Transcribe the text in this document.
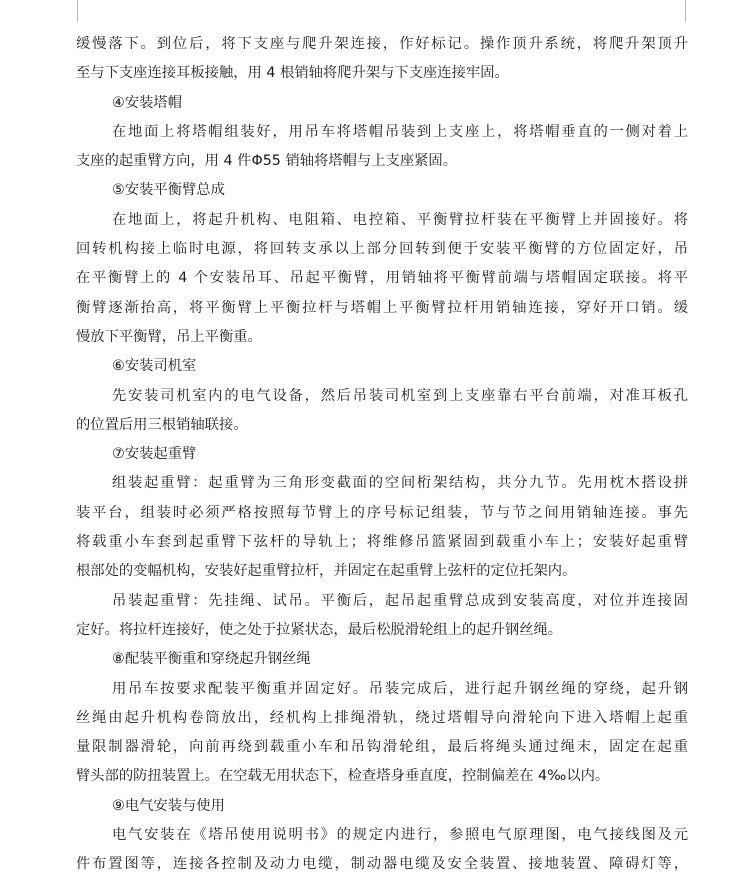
缓慢落下。到位后，将下支座与爬升架连接，作好标记。操作顶升系统，将爬升架顶升
至与下支座连接耳板接触，用 4 根销轴将爬升架与下支座连接牢固。
④安装塔帽
在地面上将塔帽组装好，用吊车将塔帽吊装到上支座上，将塔帽垂直的一侧对着上
支座的起重臂方向，用 4 件Φ55 销轴将塔帽与上支座紧固。
⑤安装平衡臂总成
在地面上，将起升机构、电阻箱、电控箱、平衡臂拉杆装在平衡臂上并固接好。将
回转机构接上临时电源，将回转支承以上部分回转到便于安装平衡臂的方位固定好，吊
在平衡臂上的 4 个安装吊耳、吊起平衡臂，用销轴将平衡臂前端与塔帽固定联接。将平
衡臂逐渐抬高，将平衡臂上平衡拉杆与塔帽上平衡臂拉杆用销轴连接，穿好开口销。缓
慢放下平衡臂，吊上平衡重。
⑥安装司机室
先安装司机室内的电气设备，然后吊装司机室到上支座靠右平台前端，对准耳板孔
的位置后用三根销轴联接。
⑦安装起重臂
组装起重臂：起重臂为三角形变截面的空间桁架结构，共分九节。先用枕木搭设拼
装平台，组装时必须严格按照每节臂上的序号标记组装，节与节之间用销轴连接。事先
将载重小车套到起重臂下弦杆的导轨上；将维修吊篮紧固到载重小车上；安装好起重臂
根部处的变幅机构，安装好起重臂拉杆，并固定在起重臂上弦杆的定位托架内。
吊装起重臂：先挂绳、试吊。平衡后，起吊起重臂总成到安装高度，对位并连接固
定好。将拉杆连接好，使之处于拉紧状态，最后松脱滑轮组上的起升钢丝绳。
⑧配装平衡重和穿绕起升钢丝绳
用吊车按要求配装平衡重并固定好。吊装完成后，进行起升钢丝绳的穿绕，起升钢
丝绳由起升机构卷筒放出，经机构上排绳滑轨，绕过塔帽导向滑轮向下进入塔帽上起重
量限制器滑轮，向前再绕到载重小车和吊钩滑轮组，最后将绳头通过绳末，固定在起重
臂头部的防扭装置上。在空载无用状态下，检查塔身垂直度，控制偏差在 4‰以内。
⑨电气安装与使用
电气安装在《塔吊使用说明书》的规定内进行，参照电气原理图，电气接线图及元
件布置图等，连接各控制及动力电缆，制动器电缆及安全装置、接地装置、障碍灯等，
